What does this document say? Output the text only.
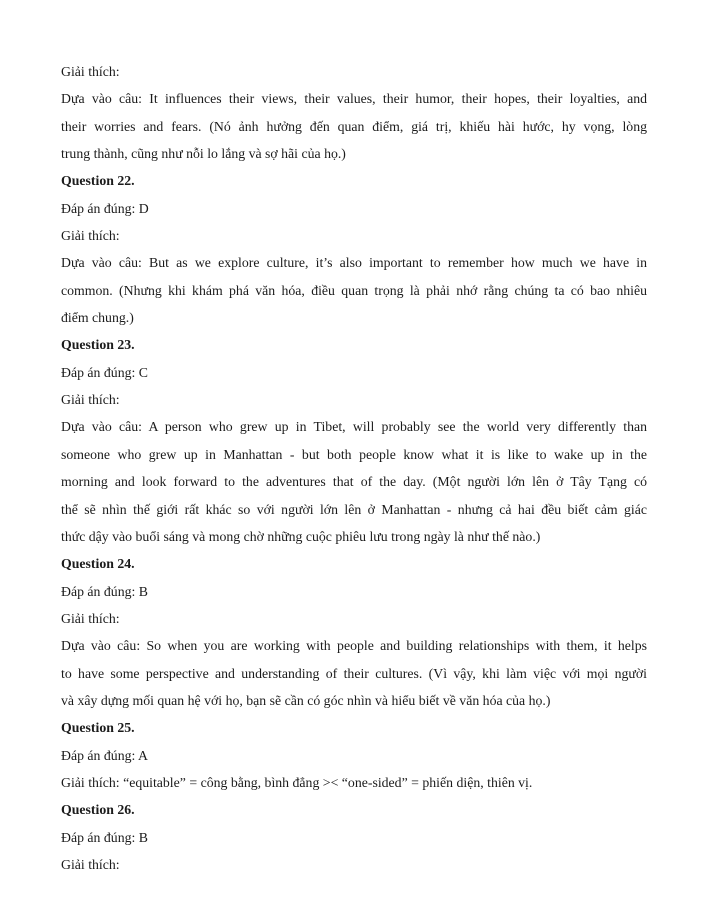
Giải thích:
Dựa vào câu: It influences their views, their values, their humor, their hopes, their loyalties, and
their worries and fears. (Nó ảnh hưởng đến quan điểm, giá trị, khiếu hài hước, hy vọng, lòng
trung thành, cũng như nỗi lo lắng và sợ hãi của họ.)
Question 22.
Đáp án đúng: D
Giải thích:
Dựa vào câu: But as we explore culture, it’s also important to remember how much we have in
common. (Nhưng khi khám phá văn hóa, điều quan trọng là phải nhớ rằng chúng ta có bao nhiêu
điểm chung.)
Question 23.
Đáp án đúng: C
Giải thích:
Dựa vào câu: A person who grew up in Tibet, will probably see the world very differently than
someone who grew up in Manhattan - but both people know what it is like to wake up in the
morning and look forward to the adventures that of the day. (Một người lớn lên ở Tây Tạng có
thể sẽ nhìn thế giới rất khác so với người lớn lên ở Manhattan - nhưng cả hai đều biết cảm giác
thức dậy vào buổi sáng và mong chờ những cuộc phiêu lưu trong ngày là như thế nào.)
Question 24.
Đáp án đúng: B
Giải thích:
Dựa vào câu: So when you are working with people and building relationships with them, it helps
to have some perspective and understanding of their cultures. (Vì vậy, khi làm việc với mọi người
và xây dựng mối quan hệ với họ, bạn sẽ cần có góc nhìn và hiểu biết về văn hóa của họ.)
Question 25.
Đáp án đúng: A
Giải thích: “equitable” = công bằng, bình đẳng >< “one-sided” = phiến diện, thiên vị.
Question 26.
Đáp án đúng: B
Giải thích:
